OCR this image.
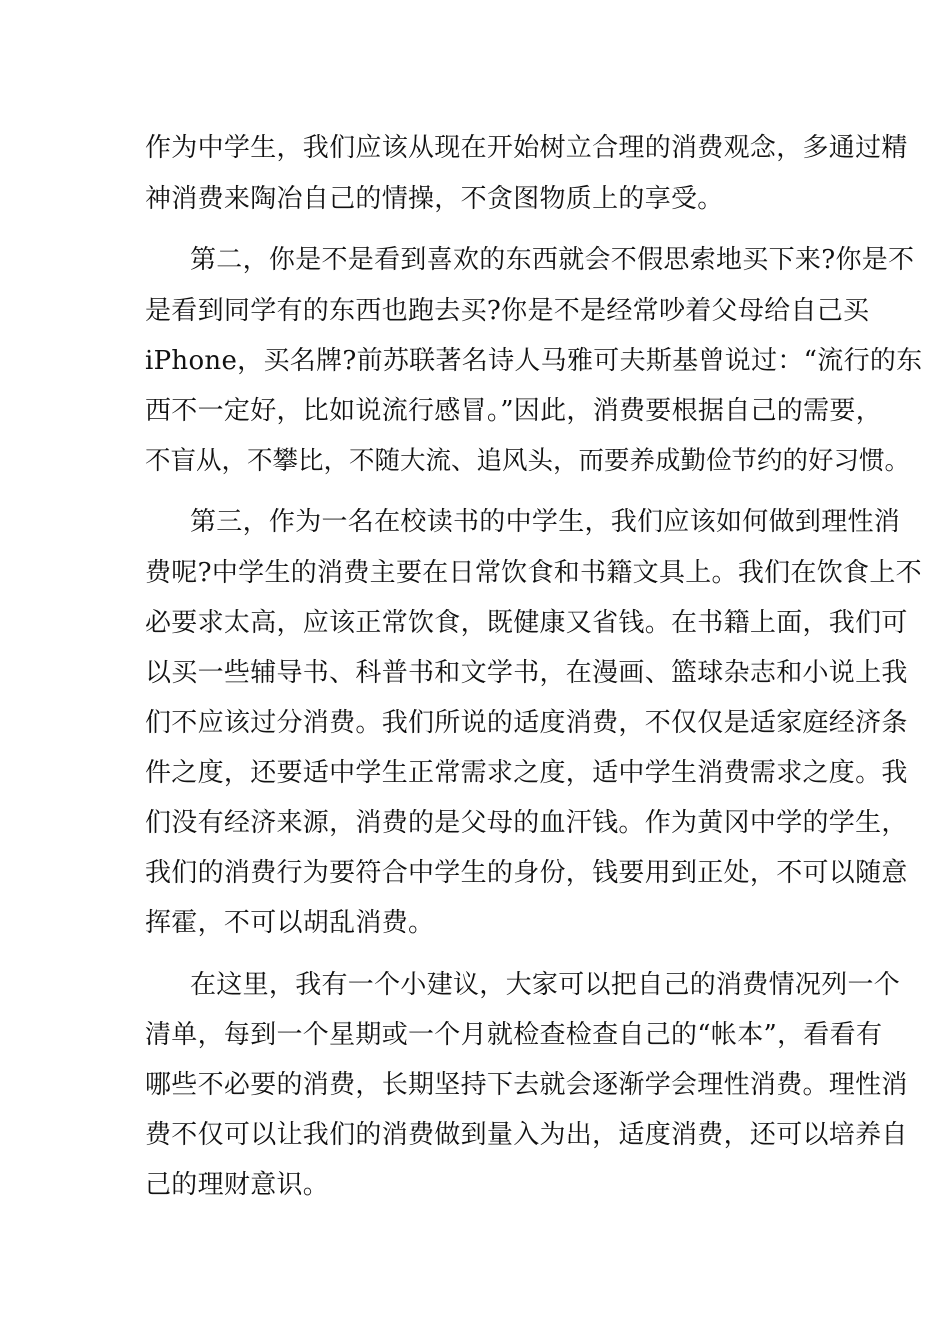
作为中学生，我们应该从现在开始树立合理的消费观念，多通过精
神消费来陶冶自己的情操，不贪图物质上的享受。
第二，你是不是看到喜欢的东西就会不假思索地买下来?你是不
是看到同学有的东西也跑去买?你是不是经常吵着父母给自己买
iPhone，买名牌?前苏联著名诗人马雅可夫斯基曾说过：“流行的东
西不一定好，比如说流行感冒。”因此，消费要根据自己的需要，
不盲从，不攀比，不随大流、追风头，而要养成勤俭节约的好习惯。
第三，作为一名在校读书的中学生，我们应该如何做到理性消
费呢?中学生的消费主要在日常饮食和书籍文具上。我们在饮食上不
必要求太高，应该正常饮食，既健康又省钱。在书籍上面，我们可
以买一些辅导书、科普书和文学书，在漫画、篮球杂志和小说上我
们不应该过分消费。我们所说的适度消费，不仅仅是适家庭经济条
件之度，还要适中学生正常需求之度，适中学生消费需求之度。我
们没有经济来源，消费的是父母的血汗钱。作为黄冈中学的学生，
我们的消费行为要符合中学生的身份，钱要用到正处，不可以随意
挥霍，不可以胡乱消费。
在这里，我有一个小建议，大家可以把自己的消费情况列一个
清单，每到一个星期或一个月就检查检查自己的“帐本”，看看有
哪些不必要的消费，长期坚持下去就会逐渐学会理性消费。理性消
费不仅可以让我们的消费做到量入为出，适度消费，还可以培养自
己的理财意识。
